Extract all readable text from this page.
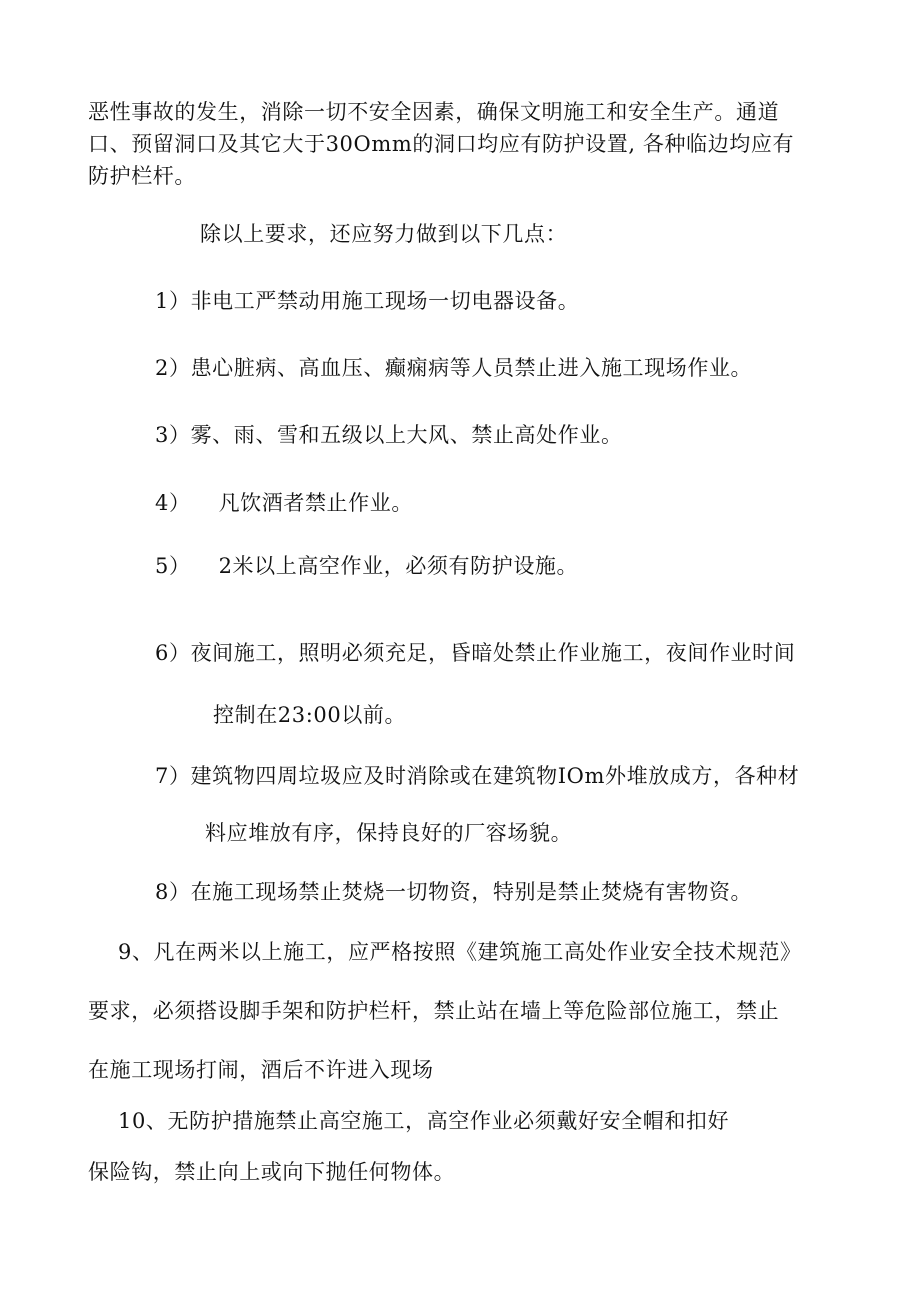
恶性事故的发生，消除一切不安全因素，确保文明施工和安全生产。通道
口、预留洞口及其它大于30Omm的洞口均应有防护设置, 各种临边均应有
防护栏杆。
除以上要求，还应努力做到以下几点：
1）非电工严禁动用施工现场一切电器设备。
2）患心脏病、高血压、癫痫病等人员禁止进入施工现场作业。
3）雾、雨、雪和五级以上大风、禁止高处作业。
4） 凡饮酒者禁止作业。
5） 2米以上高空作业，必须有防护设施。
6）夜间施工，照明必须充足，昏暗处禁止作业施工，夜间作业时间
控制在23:00以前。
7）建筑物四周垃圾应及时消除或在建筑物IOm外堆放成方，各种材
料应堆放有序，保持良好的厂容场貌。
8）在施工现场禁止焚烧一切物资，特别是禁止焚烧有害物资。
9、凡在两米以上施工，应严格按照《建筑施工高处作业安全技术规范》
要求，必须搭设脚手架和防护栏杆，禁止站在墙上等危险部位施工，禁止
在施工现场打闹，酒后不许进入现场
10、无防护措施禁止高空施工，高空作业必须戴好安全帽和扣好
保险钩，禁止向上或向下抛任何物体。
